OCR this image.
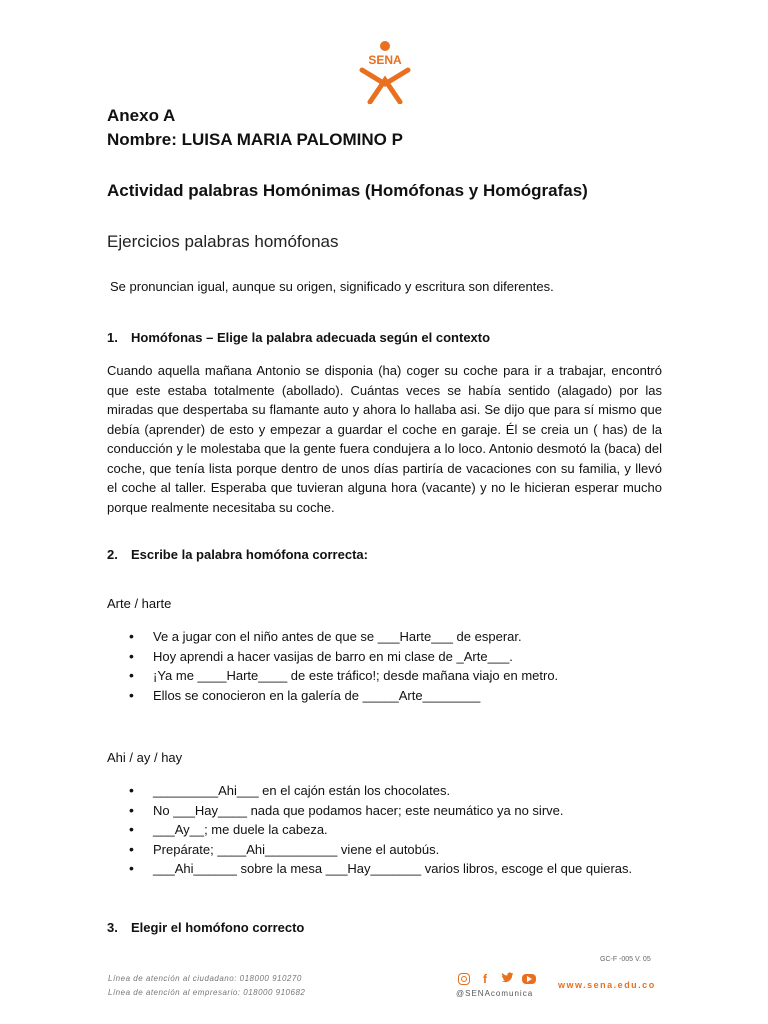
SENA
Anexo A
Nombre: LUISA MARIA PALOMINO P
Actividad palabras Homónimas (Homófonas y Homógrafas)
Ejercicios palabras homófonas
Se pronuncian igual, aunque su origen, significado y escritura son diferentes.
1. Homófonas – Elige la palabra adecuada según el contexto
Cuando aquella mañana Antonio se disponia (ha) coger su coche para ir a trabajar, encontró que este estaba totalmente (abollado). Cuántas veces se había sentido (alagado) por las miradas que despertaba su flamante auto y ahora lo hallaba asi. Se dijo que para sí mismo que debía (aprender) de esto y empezar a guardar el coche en garaje. Él se creia un ( has) de la conducción y le molestaba que la gente fuera condujera a lo loco. Antonio desmotó la (baca) del coche, que tenía lista porque dentro de unos días partiría de vacaciones con su familia, y llevó el coche al taller. Esperaba que tuvieran alguna hora (vacante) y no le hicieran esperar mucho porque realmente necesitaba su coche.
2. Escribe la palabra homófona correcta:
Arte / harte
• Ve a jugar con el niño antes de que se ___Harte___ de esperar.
• Hoy aprendi a hacer vasijas de barro en mi clase de _Arte___.
• ¡Ya me ____Harte____ de este tráfico!; desde mañana viajo en metro.
• Ellos se conocieron en la galería de _____Arte________
Ahi / ay / hay
• _________Ahi___ en el cajón están los chocolates.
• No ___Hay____ nada que podamos hacer; este neumático ya no sirve.
• ___Ay__; me duele la cabeza.
• Prepárate; ____Ahi__________ viene el autobús.
• ___Ahi______ sobre la mesa ___Hay_______ varios libros, escoge el que quieras.
3. Elegir el homófono correcto
GC-F -005 V. 05
Línea de atención al ciudadano: 018000 910270
Línea de atención al empresario: 018000 910682
f
@SENAcomunica
www.sena.edu.co
